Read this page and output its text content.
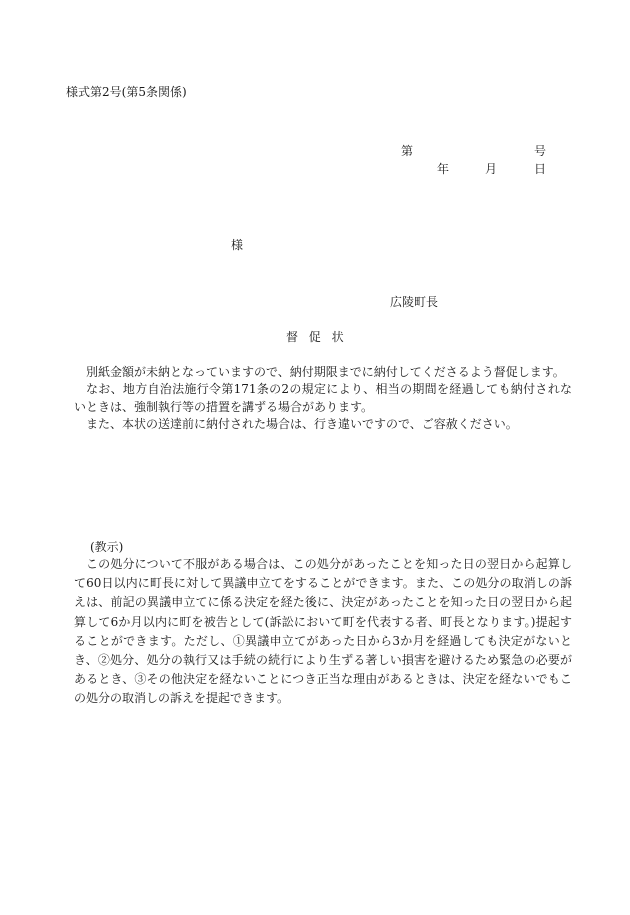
様式第2号(第5条関係)
第	号
年	月	日
様
広陵町長
督促状

別紙金額が未納となっていますので、納付期限までに納付してくださるよう督促します。

なお、地方自治法施行令第171条の2の規定により、相当の期間を経過しても納付されないときは、強制執行等の措置を講ずる場合があります。

また、本状の送達前に納付された場合は、行き違いですので、ご容赦ください。

(教示)

この処分について不服がある場合は、この処分があったことを知った日の翌日から起算して60日以内に町長に対して異議申立てをすることができます。また、この処分の取消しの訴えは、前記の異議申立てに係る決定を経た後に、決定があったことを知った日の翌日から起算して6か月以内に町を被告として(訴訟において町を代表する者、町長となります。)提起することができます。ただし、①異議申立てがあった日から3か月を経過しても決定がないとき、②処分、処分の執行又は手続の続行により生ずる著しい損害を避けるため緊急の必要があるとき、③その他決定を経ないことにつき正当な理由があるときは、決定を経ないでもこの処分の取消しの訴えを提起できます。
